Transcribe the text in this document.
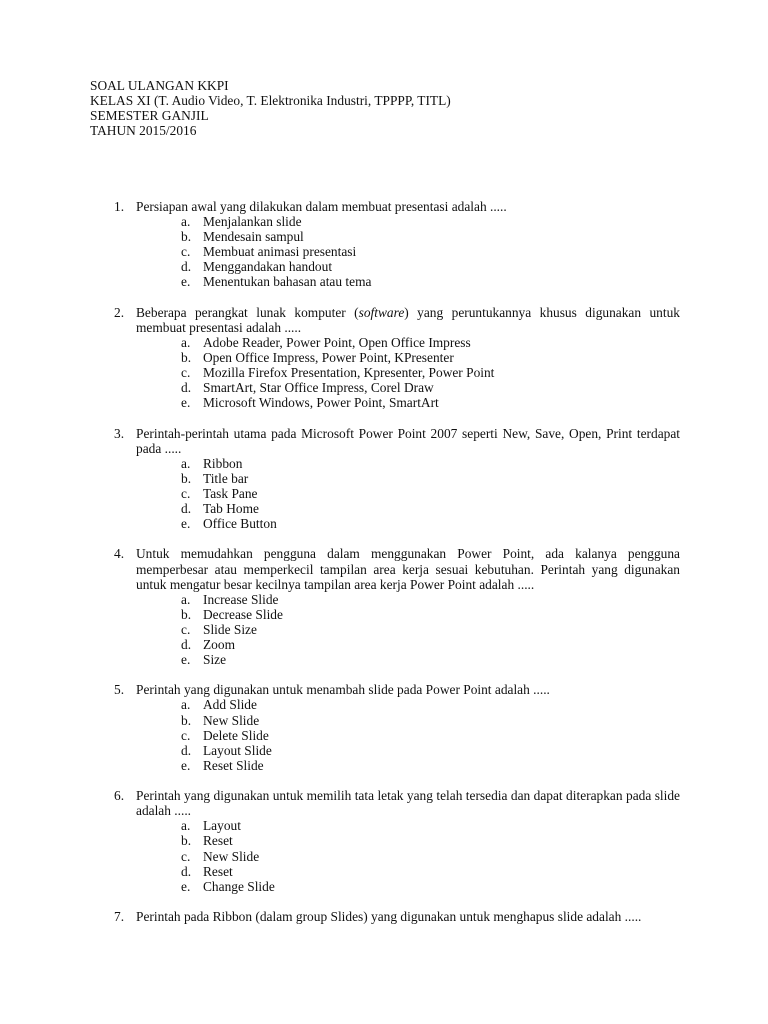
SOAL ULANGAN KKPI
KELAS XI (T. Audio Video, T. Elektronika Industri, TPPPP, TITL)
SEMESTER GANJIL
TAHUN 2015/2016
1. Persiapan awal yang dilakukan dalam membuat presentasi adalah .....
a. Menjalankan slide
b. Mendesain sampul
c. Membuat animasi presentasi
d. Menggandakan handout
e. Menentukan bahasan atau tema
2. Beberapa perangkat lunak komputer (software) yang peruntukannya khusus digunakan untuk membuat presentasi adalah .....
a. Adobe Reader, Power Point, Open Office Impress
b. Open Office Impress, Power Point, KPresenter
c. Mozilla Firefox Presentation, Kpresenter, Power Point
d. SmartArt, Star Office Impress, Corel Draw
e. Microsoft Windows, Power Point, SmartArt
3. Perintah-perintah utama pada Microsoft Power Point 2007 seperti New, Save, Open, Print terdapat pada .....
a. Ribbon
b. Title bar
c. Task Pane
d. Tab Home
e. Office Button
4. Untuk memudahkan pengguna dalam menggunakan Power Point, ada kalanya pengguna memperbesar atau memperkecil tampilan area kerja sesuai kebutuhan. Perintah yang digunakan untuk mengatur besar kecilnya tampilan area kerja Power Point adalah .....
a. Increase Slide
b. Decrease Slide
c. Slide Size
d. Zoom
e. Size
5. Perintah yang digunakan untuk menambah slide pada Power Point adalah .....
a. Add Slide
b. New Slide
c. Delete Slide
d. Layout Slide
e. Reset Slide
6. Perintah yang digunakan untuk memilih tata letak yang telah tersedia dan dapat diterapkan pada slide adalah .....
a. Layout
b. Reset
c. New Slide
d. Reset
e. Change Slide
7. Perintah pada Ribbon (dalam group Slides) yang digunakan untuk menghapus slide adalah .....
